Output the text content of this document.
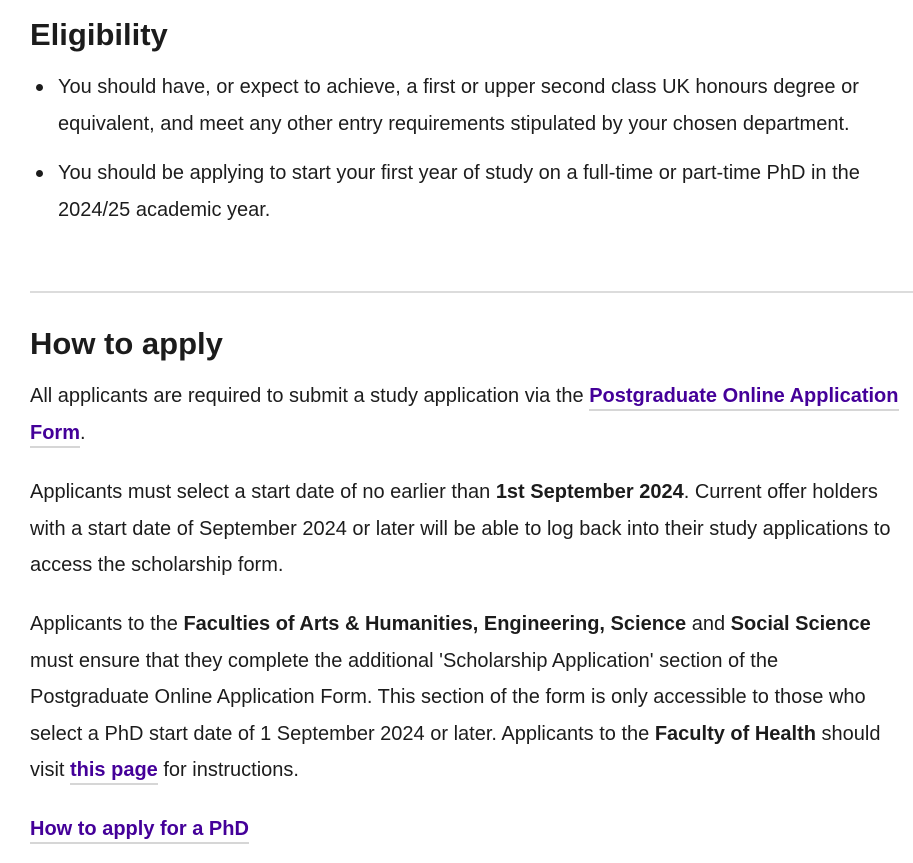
Eligibility
You should have, or expect to achieve, a first or upper second class UK honours degree or equivalent, and meet any other entry requirements stipulated by your chosen department.
You should be applying to start your first year of study on a full-time or part-time PhD in the 2024/25 academic year.
How to apply

All applicants are required to submit a study application via the Postgraduate Online Application Form.

Applicants must select a start date of no earlier than 1st September 2024. Current offer holders with a start date of September 2024 or later will be able to log back into their study applications to access the scholarship form.

Applicants to the Faculties of Arts & Humanities, Engineering, Science and Social Science must ensure that they complete the additional 'Scholarship Application' section of the Postgraduate Online Application Form. This section of the form is only accessible to those who select a PhD start date of 1 September 2024 or later. Applicants to the Faculty of Health should visit this page for instructions.

How to apply for a PhD
